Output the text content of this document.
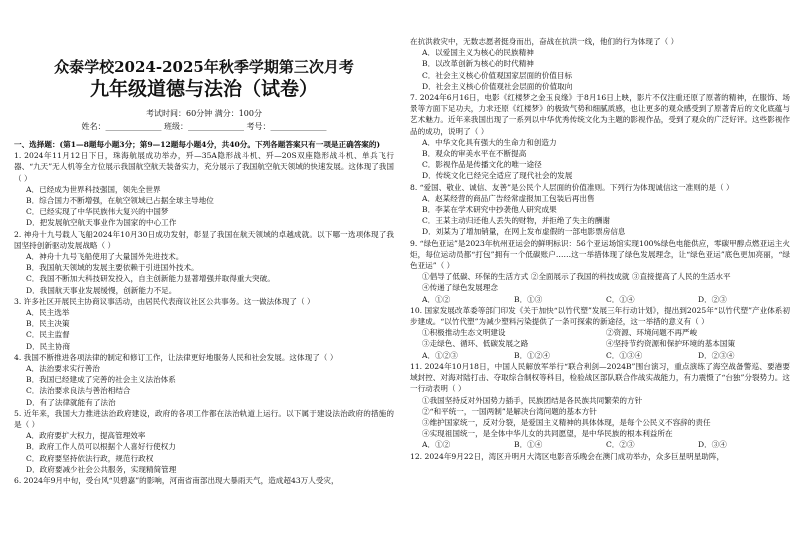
众泰学校2024-2025年秋季学期第三次月考
九年级道德与法治（试卷）
考试时间：60分钟 满分：100分
姓名：______________ 班级：______________ 考号：______________
一、选择题：(第1—8题每小题3分；第9—12题每小题4分，共40分。下列各题答案只有一项是正确答案的)
1. 2024年11月12日下日，珠海航展成功举办，歼—35A隐形战斗机、歼—20S双座隐形战斗机、单兵飞行器、“九天”无人机等全方位展示我国航空航天装备实力，充分展示了我国航空航天领域的快速发展。这体现了我国（ ）
A．已经成为世界科技强国，领先全世界
B．综合国力不断增强，在航空领域已占据全球主导地位
C．已经实现了中华民族伟大复兴的中国梦
D．把发展航空航天事业作为国家的中心工作
2. 神舟十九号载人飞船2024年10月30日成功发射，彰显了我国在航天领域的卓越成就。以下哪一选项体现了我国坚持创新驱动发展战略（ ）
A．神舟十九号飞船使用了大量国外先进技术。
B．我国航天领域的发展主要依赖于引进国外技术。
C．我国不断加大科技研发投入，自主创新能力显著增强并取得重大突破。
D．我国航天事业发展缓慢，创新能力不足。
3. 许多社区开展民主协商议事活动，由居民代表商议社区公共事务。这一做法体现了（ ）
A．民主选举
B．民主决策
C．民主监督
D．民主协商
4. 我国不断推进各项法律的制定和修订工作，让法律更好地服务人民和社会发展。这体现了（ ）
A．法治要求实行善治
B．我国已经建成了完善的社会主义法治体系
C．法治要求良法与善治相结合
D．有了法律就能有了法治
5. 近年来，我国大力推进法治政府建设，政府的各项工作都在法治轨道上运行。以下属于建设法治政府的措施的是（ ）
A．政府要扩大权力，提高管理效率
B．政府工作人员可以根据个人喜好行使权力
C．政府要坚持依法行政，规范行政权
D．政府要减少社会公共服务，实现精简管理
6. 2024年9月中旬，受台风“贝碧嘉”的影响，河南省南部出现大暴雨天气，造成超43万人受灾，
在抗洪救灾中，无数志愿者挺身而出，奋战在抗洪一线，他们的行为体现了（ ）
A．以爱国主义为核心的民族精神
B．以改革创新为核心的时代精神
C．社会主义核心价值观国家层面的价值目标
D．社会主义核心价值观社会层面的价值取向
7. 2024年6月16日，电影《红楼梦之金玉良缘》于8月16日上映，影片不仅注重还原了原著的精神，在服饰、场景等方面下足功夫，力求还原《红楼梦》的极致气势和细腻质感，也让更多的观众感受到了原著背后的文化底蕴与艺术魅力。近年来我国出现了一系列以中华优秀传统文化为主题的影视作品，受到了观众的广泛好评。这些影视作品的成功，说明了（ ）
A．中华文化具有强大的生命力和创造力
B．观众的审美水平在不断提高
C．影视作品是传播文化的唯一途径
D．传统文化已经完全适应了现代社会的发展
8. “爱国、敬业、诚信、友善”是公民个人层面的价值准则。下列行为体现诚信这一准则的是（ ）
A．赵某经营的商品广告经常虚报加工包装后再出售
B．李某在学术研究中抄袭他人研究成果
C．王某主动归还他人丢失的财物，并拒绝了失主的酬谢
D．刘某为了增加销量，在网上发布虚假的一部电影票房信息
9. “绿色亚运”是2023年杭州亚运会的鲜明标识：56个亚运场馆实现100%绿色电能供应，零碳甲醇点燃亚运主火炬，每位运动员都“打包”拥有一个低碳账户……这一举措体现了绿色发展理念，让“绿色亚运”底色更加亮丽，“绿色亚运”（ ）
①倡导了低碳、环保的生活方式 ②全面展示了我国的科技成就 ③直接提高了人民的生活水平
④传递了绿色发展理念
A．①②	B．①③	C．①④	D．②③
10. 国家发展改革委等部门印发《关于加快“以竹代塑”发展三年行动计划》，提出到2025年“以竹代塑”产业体系初步建成。“以竹代塑”为减少塑料污染提供了一条可探索的新途径，这一举措的意义有（ ）
①积极推动生态文明建设	②资源、环境问题不再严峻
③走绿色、循环、低碳发展之路	④坚持节约资源和保护环境的基本国策
A．①②③	B．①②④	C．①③④	D．②③④
11. 2024年10月18日，中国人民解放军举行“联合利剑—2024B”围台演习，重点演练了海空战备警巡、要港要域封控、对海对陆打击、夺取综合制权等科目，检验战区部队联合作战实战能力，有力震慑了“台独”分裂势力。这一行动表明（ ）
①我国坚持反对外国势力插手，民族团结是各民族共同繁荣的方针
②“和平统一，一国两制”是解决台湾问题的基本方针
③维护国家统一，反对分裂，是爱国主义精神的具体体现，是每个公民义不容辞的责任
④实现祖国统一，是全体中华儿女的共同愿望，是中华民族的根本利益所在
A．①②	B．①④	C．②③	D．③④
12. 2024年9月22日，湾区升明月大湾区电影音乐晚会在澳门成功举办，众多巨星明星助阵，
